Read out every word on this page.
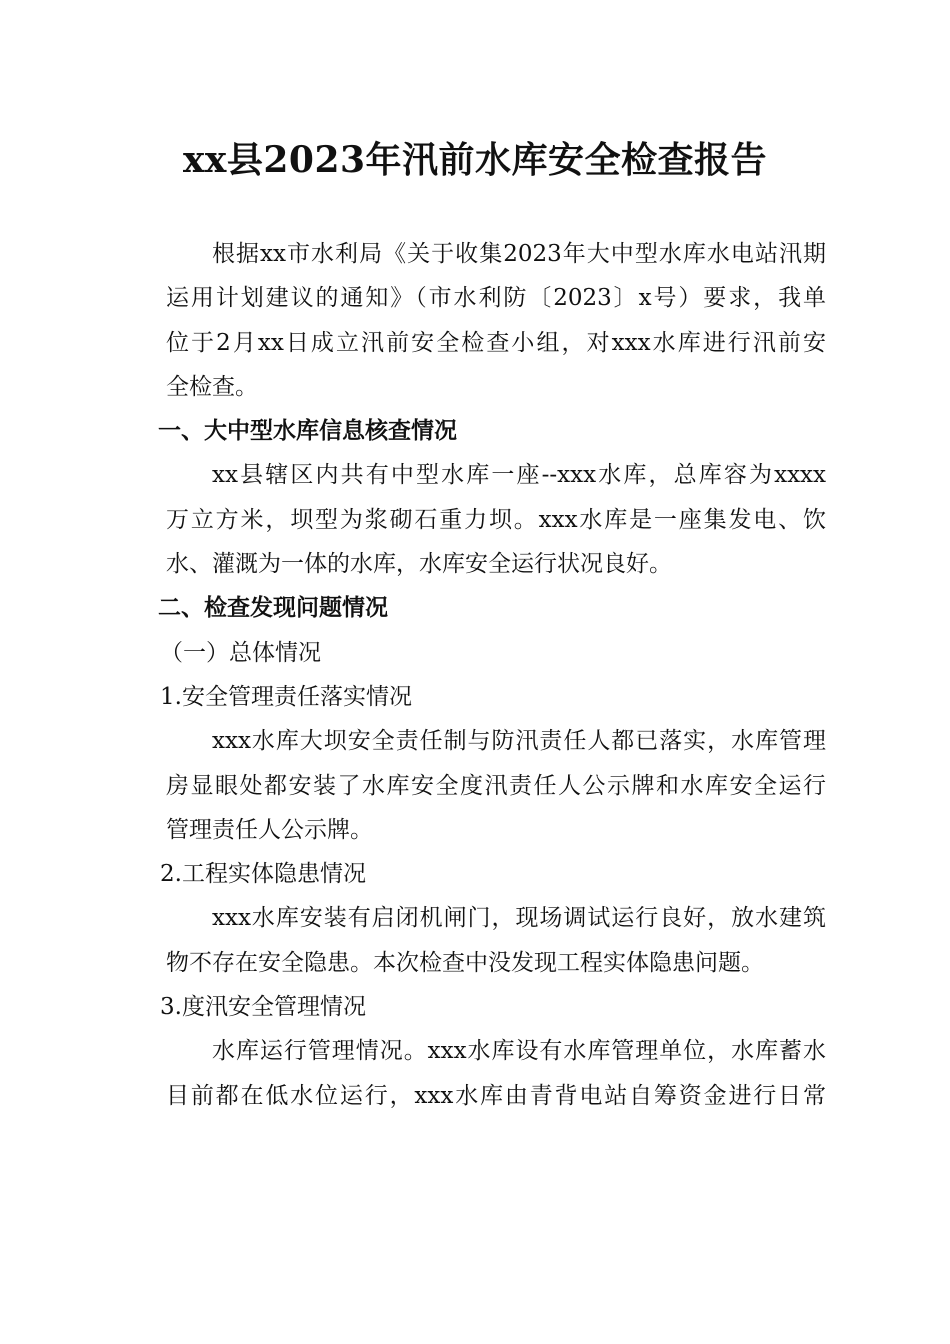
xx县2023年汛前水库安全检查报告
根据xx市水利局《关于收集2023年大中型水库水电站汛期
运用计划建议的通知》（市水利防〔2023〕x号）要求，我单
位于2月xx日成立汛前安全检查小组，对xxx水库进行汛前安
全检查。
一、大中型水库信息核查情况
xx县辖区内共有中型水库一座--xxx水库，总库容为xxxx
万立方米，坝型为浆砌石重力坝。xxx水库是一座集发电、饮
水、灌溉为一体的水库，水库安全运行状况良好。
二、检查发现问题情况
（一）总体情况
1.安全管理责任落实情况
xxx水库大坝安全责任制与防汛责任人都已落实，水库管理
房显眼处都安装了水库安全度汛责任人公示牌和水库安全运行
管理责任人公示牌。
2.工程实体隐患情况
xxx水库安装有启闭机闸门，现场调试运行良好，放水建筑
物不存在安全隐患。本次检查中没发现工程实体隐患问题。
3.度汛安全管理情况
水库运行管理情况。xxx水库设有水库管理单位，水库蓄水
目前都在低水位运行，xxx水库由青背电站自筹资金进行日常
